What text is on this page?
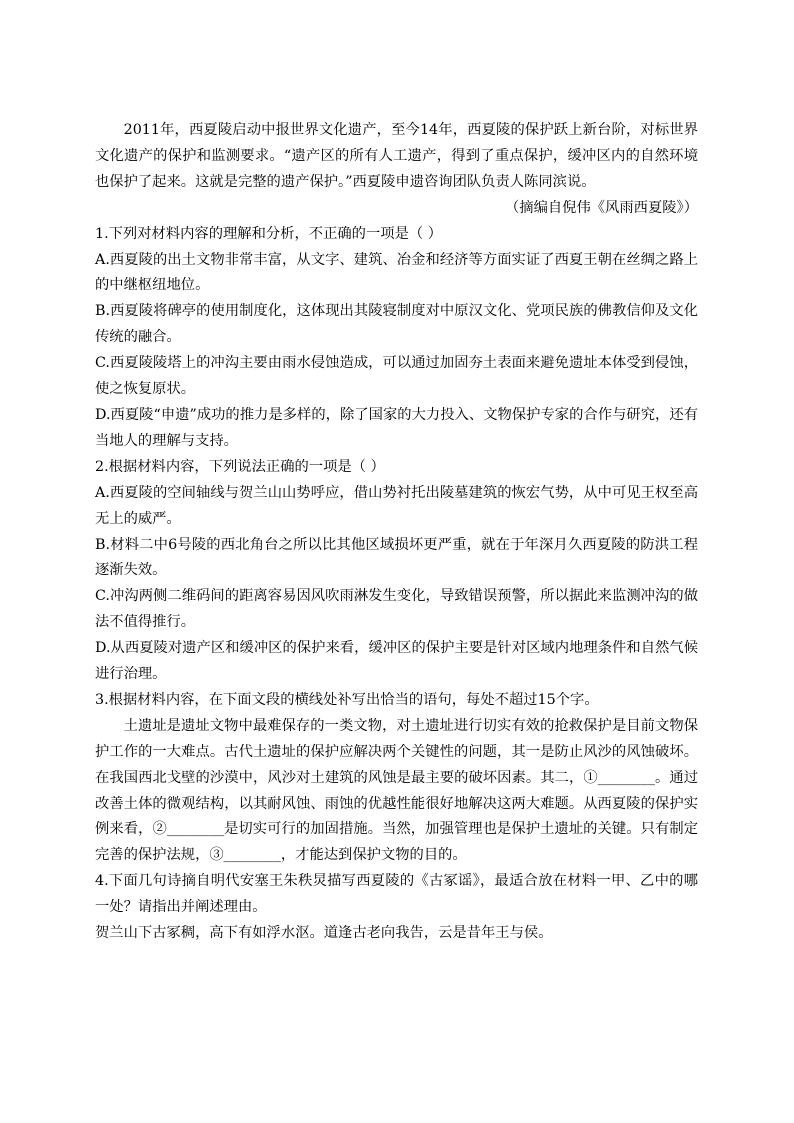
2011年，西夏陵启动中报世界文化遗产，至今14年，西夏陵的保护跃上新台阶，对标世界文化遗产的保护和监测要求。“遗产区的所有人工遗产，得到了重点保护，缓冲区内的自然环境也保护了起来。这就是完整的遗产保护。”西夏陵申遗咨询团队负责人陈同滨说。

（摘编自倪伟《风雨西夏陵》）

1.下列对材料内容的理解和分析，不正确的一项是（ ）

A.西夏陵的出土文物非常丰富，从文字、建筑、冶金和经济等方面实证了西夏王朝在丝绸之路上的中继枢纽地位。

B.西夏陵将碑亭的使用制度化，这体现出其陵寝制度对中原汉文化、党项民族的佛教信仰及文化传统的融合。

C.西夏陵陵塔上的冲沟主要由雨水侵蚀造成，可以通过加固夯土表面来避免遗址本体受到侵蚀，使之恢复原状。

D.西夏陵“申遗”成功的推力是多样的，除了国家的大力投入、文物保护专家的合作与研究，还有当地人的理解与支持。

2.根据材料内容，下列说法正确的一项是（ ）

A.西夏陵的空间轴线与贺兰山山势呼应，借山势衬托出陵墓建筑的恢宏气势，从中可见王权至高无上的威严。

B.材料二中6号陵的西北角台之所以比其他区域损坏更严重，就在于年深月久西夏陵的防洪工程逐渐失效。

C.冲沟两侧二维码间的距离容易因风吹雨淋发生变化，导致错误预警，所以据此来监测冲沟的做法不值得推行。

D.从西夏陵对遗产区和缓冲区的保护来看，缓冲区的保护主要是针对区域内地理条件和自然气候进行治理。

3.根据材料内容，在下面文段的横线处补写出恰当的语句，每处不超过15个字。

土遗址是遗址文物中最难保存的一类文物，对土遗址进行切实有效的抢救保护是目前文物保护工作的一大难点。古代土遗址的保护应解决两个关键性的问题，其一是防止风沙的风蚀破坏。在我国西北戈壁的沙漠中，风沙对土建筑的风蚀是最主要的破坏因素。其二，①________。通过改善土体的微观结构，以其耐风蚀、雨蚀的优越性能很好地解决这两大难题。从西夏陵的保护实例来看，②________是切实可行的加固措施。当然，加强管理也是保护土遗址的关键。只有制定完善的保护法规，③________，才能达到保护文物的目的。

4.下面几句诗摘自明代安塞王朱秩炅描写西夏陵的《古冢谣》，最适合放在材料一甲、乙中的哪一处？请指出并阐述理由。

贺兰山下古冢稠，高下有如浮水沤。道逢古老向我告，云是昔年王与侯。
